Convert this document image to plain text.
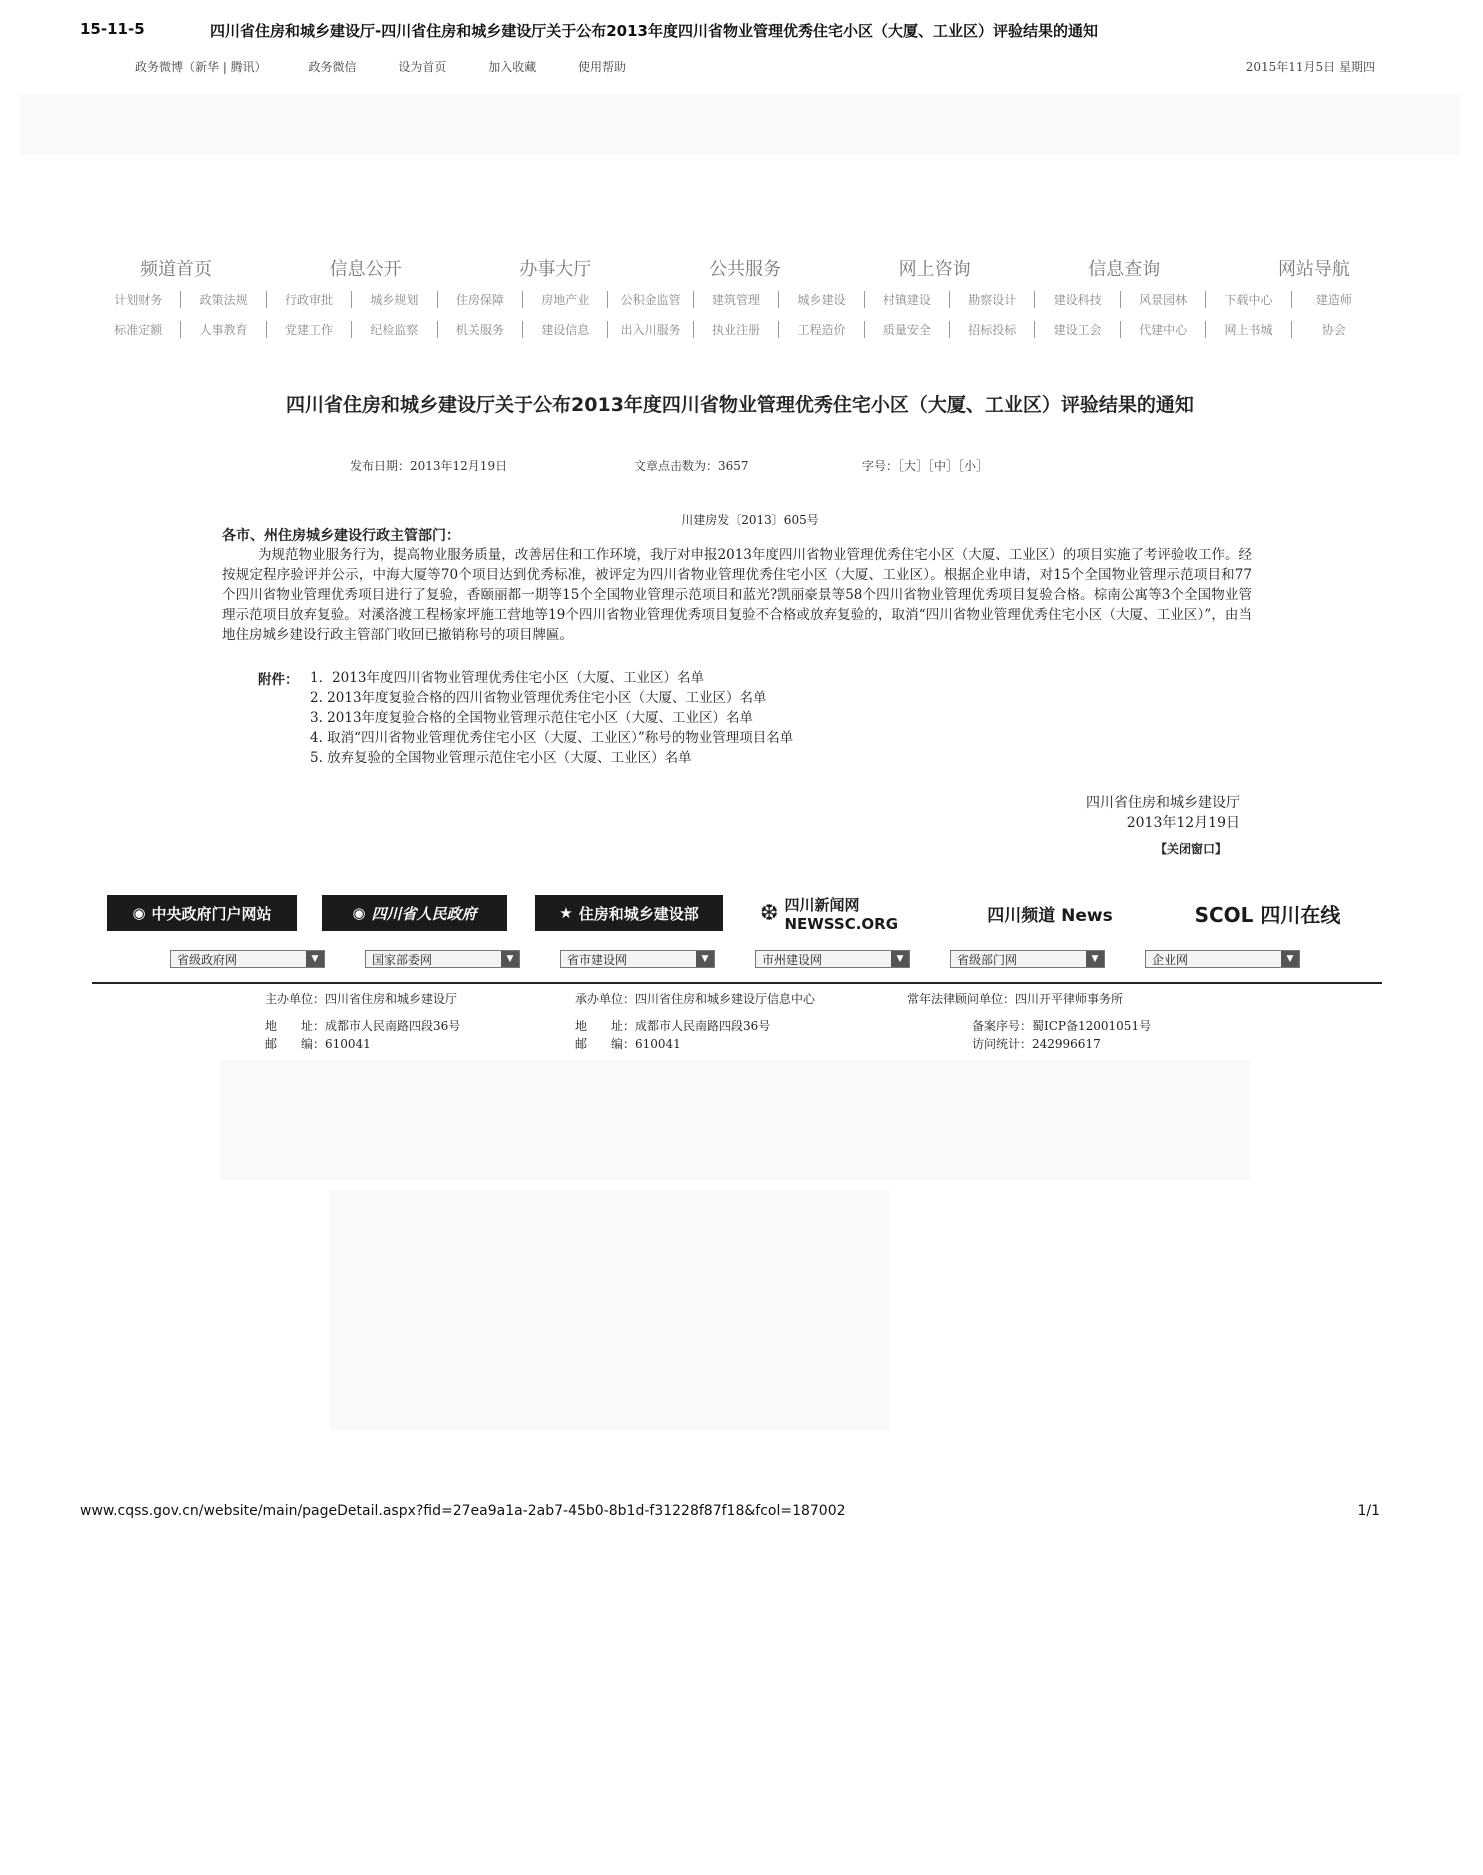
15-11-5	四川省住房和城乡建设厅-四川省住房和城乡建设厅关于公布2013年度四川省物业管理优秀住宅小区（大厦、工业区）评验结果的通知
政务微博（新华 | 腾讯）	政务微信	设为首页	加入收藏	使用帮助	2015年11月5日 星期四
频道首页	信息公开	办事大厅	公共服务	网上咨询	信息查询	网站导航
计划财务	政策法规	行政审批	城乡规划	住房保障	房地产业	公积金监管	建筑管理	城乡建设	村镇建设	勘察设计	建设科技	风景园林	下载中心	建造师
标准定额	人事教育	党建工作	纪检监察	机关服务	建设信息	出入川服务	执业注册	工程造价	质量安全	招标投标	建设工会	代建中心	网上书城	协会
四川省住房和城乡建设厅关于公布2013年度四川省物业管理优秀住宅小区（大厦、工业区）评验结果的通知
发布日期：2013年12月19日	文章点击数为：3657	字号：［大］［中］［小］
川建房发〔2013〕605号
各市、州住房城乡建设行政主管部门：
为规范物业服务行为，提高物业服务质量，改善居住和工作环境，我厅对申报2013年度四川省物业管理优秀住宅小区（大厦、工业区）的项目实施了考评验收工作。经按规定程序验评并公示，中海大厦等70个项目达到优秀标准，被评定为四川省物业管理优秀住宅小区（大厦、工业区）。根据企业申请，对15个全国物业管理示范项目和77个四川省物业管理优秀项目进行了复验，香颐丽都一期等15个全国物业管理示范项目和蓝光?凯丽豪景等58个四川省物业管理优秀项目复验合格。棕南公寓等3个全国物业管理示范项目放弃复验。对溪洛渡工程杨家坪施工营地等19个四川省物业管理优秀项目复验不合格或放弃复验的，取消“四川省物业管理优秀住宅小区（大厦、工业区）”，由当地住房城乡建设行政主管部门收回已撤销称号的项目牌匾。
附件： 1．2013年度四川省物业管理优秀住宅小区（大厦、工业区）名单
2. 2013年度复验合格的四川省物业管理优秀住宅小区（大厦、工业区）名单
3. 2013年度复验合格的全国物业管理示范住宅小区（大厦、工业区）名单
4. 取消“四川省物业管理优秀住宅小区（大厦、工业区）”称号的物业管理项目名单
5. 放弃复验的全国物业管理示范住宅小区（大厦、工业区）名单
四川省住房和城乡建设厅
2013年12月19日
【关闭窗口】
◉ 中央政府门户网站	◉ 四川省人民政府	★ 住房和城乡建设部	❆ 四川新闻网 NEWSSC.ORG	四川频道 News	SCOL 四川在线
省级政府网	▼	国家部委网	▼	省市建设网	▼	市州建设网	▼	省级部门网	▼	企业网	▼
主办单位：四川省住房和城乡建设厅	承办单位：四川省住房和城乡建设厅信息中心	常年法律顾问单位：四川开平律师事务所
地　　址：成都市人民南路四段36号	地　　址：成都市人民南路四段36号	备案序号：蜀ICP备12001051号
邮　　编：610041	邮　　编：610041	访问统计：242996617
www.cqss.gov.cn/website/main/pageDetail.aspx?fid=27ea9a1a-2ab7-45b0-8b1d-f31228f87f18&fcol=187002	1/1
